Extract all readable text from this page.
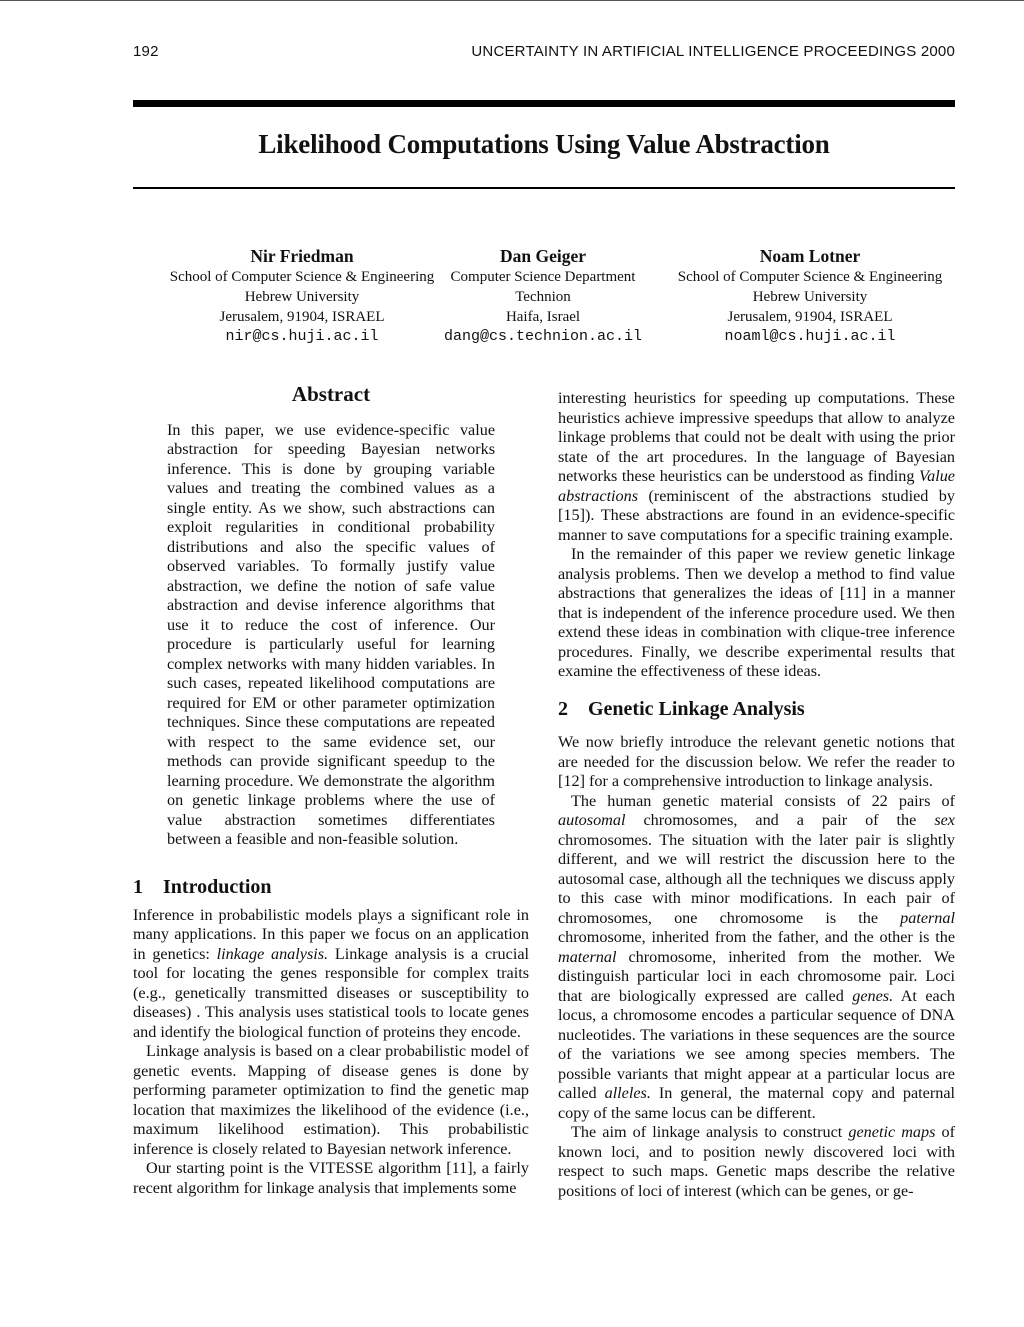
192	UNCERTAINTY IN ARTIFICIAL INTELLIGENCE PROCEEDINGS 2000
Likelihood Computations Using Value Abstraction
Nir Friedman
School of Computer Science & Engineering
Hebrew University
Jerusalem, 91904, ISRAEL
nir@cs.huji.ac.il
Dan Geiger
Computer Science Department
Technion
Haifa, Israel
dang@cs.technion.ac.il
Noam Lotner
School of Computer Science & Engineering
Hebrew University
Jerusalem, 91904, ISRAEL
noaml@cs.huji.ac.il
Abstract

In this paper, we use evidence-specific value abstraction for speeding Bayesian networks inference. This is done by grouping variable values and treating the combined values as a single entity. As we show, such abstractions can exploit regularities in conditional probability distributions and also the specific values of observed variables. To formally justify value abstraction, we define the notion of safe value abstraction and devise inference algorithms that use it to reduce the cost of inference. Our procedure is particularly useful for learning complex networks with many hidden variables. In such cases, repeated likelihood computations are required for EM or other parameter optimization techniques. Since these computations are repeated with respect to the same evidence set, our methods can provide significant speedup to the learning procedure. We demonstrate the algorithm on genetic linkage problems where the use of value abstraction sometimes differentiates between a feasible and non-feasible solution.

1 Introduction

Inference in probabilistic models plays a significant role in many applications. In this paper we focus on an application in genetics: linkage analysis. Linkage analysis is a crucial tool for locating the genes responsible for complex traits (e.g., genetically transmitted diseases or susceptibility to diseases) . This analysis uses statistical tools to locate genes and identify the biological function of proteins they encode.

Linkage analysis is based on a clear probabilistic model of genetic events. Mapping of disease genes is done by performing parameter optimization to find the genetic map location that maximizes the likelihood of the evidence (i.e., maximum likelihood estimation). This probabilistic inference is closely related to Bayesian network inference.

Our starting point is the VITESSE algorithm [11], a fairly recent algorithm for linkage analysis that implements some

interesting heuristics for speeding up computations. These heuristics achieve impressive speedups that allow to analyze linkage problems that could not be dealt with using the prior state of the art procedures. In the language of Bayesian networks these heuristics can be understood as finding Value abstractions (reminiscent of the abstractions studied by [15]). These abstractions are found in an evidence-specific manner to save computations for a specific training example.

In the remainder of this paper we review genetic linkage analysis problems. Then we develop a method to find value abstractions that generalizes the ideas of [11] in a manner that is independent of the inference procedure used. We then extend these ideas in combination with clique-tree inference procedures. Finally, we describe experimental results that examine the effectiveness of these ideas.

2 Genetic Linkage Analysis

We now briefly introduce the relevant genetic notions that are needed for the discussion below. We refer the reader to [12] for a comprehensive introduction to linkage analysis.

The human genetic material consists of 22 pairs of autosomal chromosomes, and a pair of the sex chromosomes. The situation with the later pair is slightly different, and we will restrict the discussion here to the autosomal case, although all the techniques we discuss apply to this case with minor modifications. In each pair of chromosomes, one chromosome is the paternal chromosome, inherited from the father, and the other is the maternal chromosome, inherited from the mother. We distinguish particular loci in each chromosome pair. Loci that are biologically expressed are called genes. At each locus, a chromosome encodes a particular sequence of DNA nucleotides. The variations in these sequences are the source of the variations we see among species members. The possible variants that might appear at a particular locus are called alleles. In general, the maternal copy and paternal copy of the same locus can be different.

The aim of linkage analysis to construct genetic maps of known loci, and to position newly discovered loci with respect to such maps. Genetic maps describe the relative positions of loci of interest (which can be genes, or ge-
